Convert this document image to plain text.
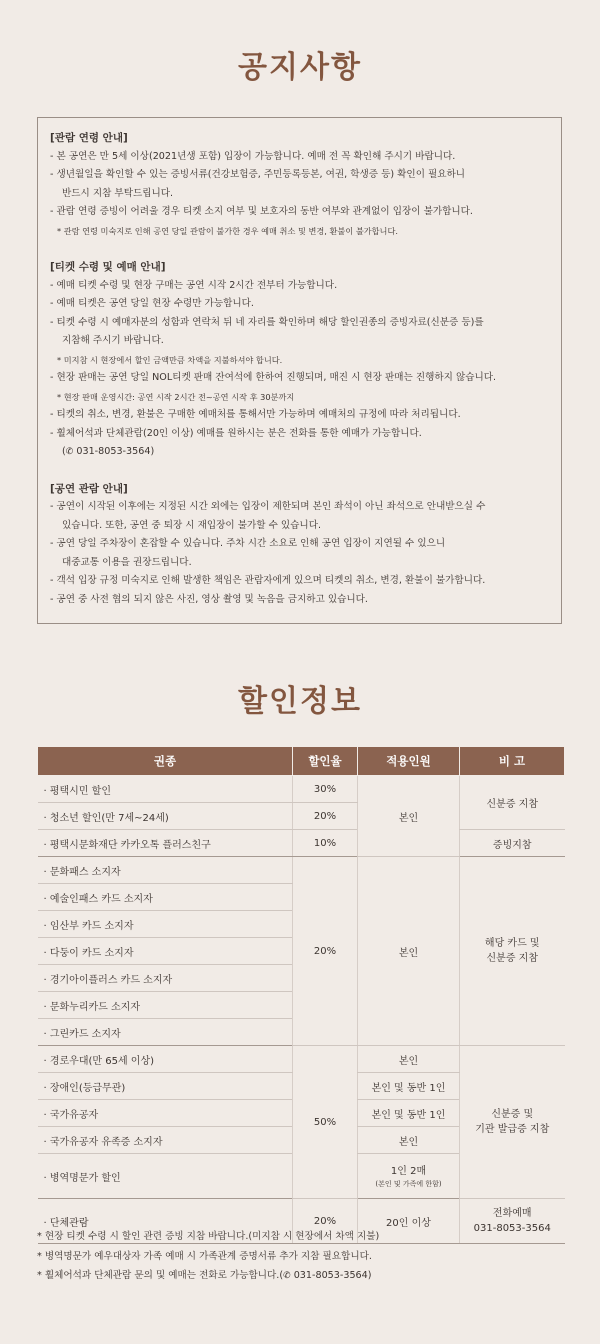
공지사항

[관람 연령 안내]

- 본 공연은 만 5세 이상(2021년생 포함) 입장이 가능합니다. 예매 전 꼭 확인해 주시기 바랍니다.

- 생년월일을 확인할 수 있는 증빙서류(건강보험증, 주민등록등본, 여권, 학생증 등) 확인이 필요하니

반드시 지참 부탁드립니다.

- 관람 연령 증빙이 어려울 경우 티켓 소지 여부 및 보호자의 동반 여부와 관계없이 입장이 불가합니다.

* 관람 연령 미숙지로 인해 공연 당일 관람이 불가한 경우 예매 취소 및 변경, 환불이 불가합니다.

[티켓 수령 및 예매 안내]

- 예매 티켓 수령 및 현장 구매는 공연 시작 2시간 전부터 가능합니다.

- 예매 티켓은 공연 당일 현장 수령만 가능합니다.

- 티켓 수령 시 예매자분의 성함과 연락처 뒤 네 자리를 확인하며 해당 할인권종의 증빙자료(신분증 등)를

지참해 주시기 바랍니다.

* 미지참 시 현장에서 할인 금액만큼 차액을 지불하셔야 합니다.

- 현장 판매는 공연 당일 NOL티켓 판매 잔여석에 한하여 진행되며, 매진 시 현장 판매는 진행하지 않습니다.

* 현장 판매 운영시간: 공연 시작 2시간 전~공연 시작 후 30분까지

- 티켓의 취소, 변경, 환불은 구매한 예매처를 통해서만 가능하며 예매처의 규정에 따라 처리됩니다.

- 휠체어석과 단체관람(20인 이상) 예매를 원하시는 분은 전화를 통한 예매가 가능합니다.

(✆ 031-8053-3564)

[공연 관람 안내]

- 공연이 시작된 이후에는 지정된 시간 외에는 입장이 제한되며 본인 좌석이 아닌 좌석으로 안내받으실 수

있습니다. 또한, 공연 중 퇴장 시 재입장이 불가할 수 있습니다.

- 공연 당일 주차장이 혼잡할 수 있습니다. 주차 시간 소요로 인해 공연 입장이 지연될 수 있으니

대중교통 이용을 권장드립니다.

- 객석 입장 규정 미숙지로 인해 발생한 책임은 관람자에게 있으며 티켓의 취소, 변경, 환불이 불가합니다.

- 공연 중 사전 협의 되지 않은 사진, 영상 촬영 및 녹음을 금지하고 있습니다.

할인정보
권종	할인율	적용인원	비 고
· 평택시민 할인	30%	본인	신분증 지참
· 청소년 할인(만 7세~24세)	20%		
· 평택시문화재단 카카오톡 플러스친구	10%		증빙지참
· 문화패스 소지자	20%	본인	해당 카드 및
신분증 지참

· 예술인패스 카드 소지자			
· 임산부 카드 소지자			
· 다둥이 카드 소지자			
· 경기아이플러스 카드 소지자			
· 문화누리카드 소지자			
· 그린카드 소지자			
· 경로우대(만 65세 이상)	50%	본인	신분증 및
기관 발급증 지참

· 장애인(등급무관)		본인 및 동반 1인	
· 국가유공자		본인 및 동반 1인	
· 국가유공자 유족증 소지자		본인	
· 병역명문가 할인		1인 2매
(본인 및 가족에 한함)	

· 단체관람	20%	20인 이상	전화예매
031-8053-3564

* 현장 티켓 수령 시 할인 관련 증빙 지참 바랍니다.(미지참 시 현장에서 차액 지불)

* 병역명문가 예우대상자 가족 예매 시 가족관계 증명서류 추가 지참 필요합니다.

* 휠체어석과 단체관람 문의 및 예매는 전화로 가능합니다.(✆ 031-8053-3564)
